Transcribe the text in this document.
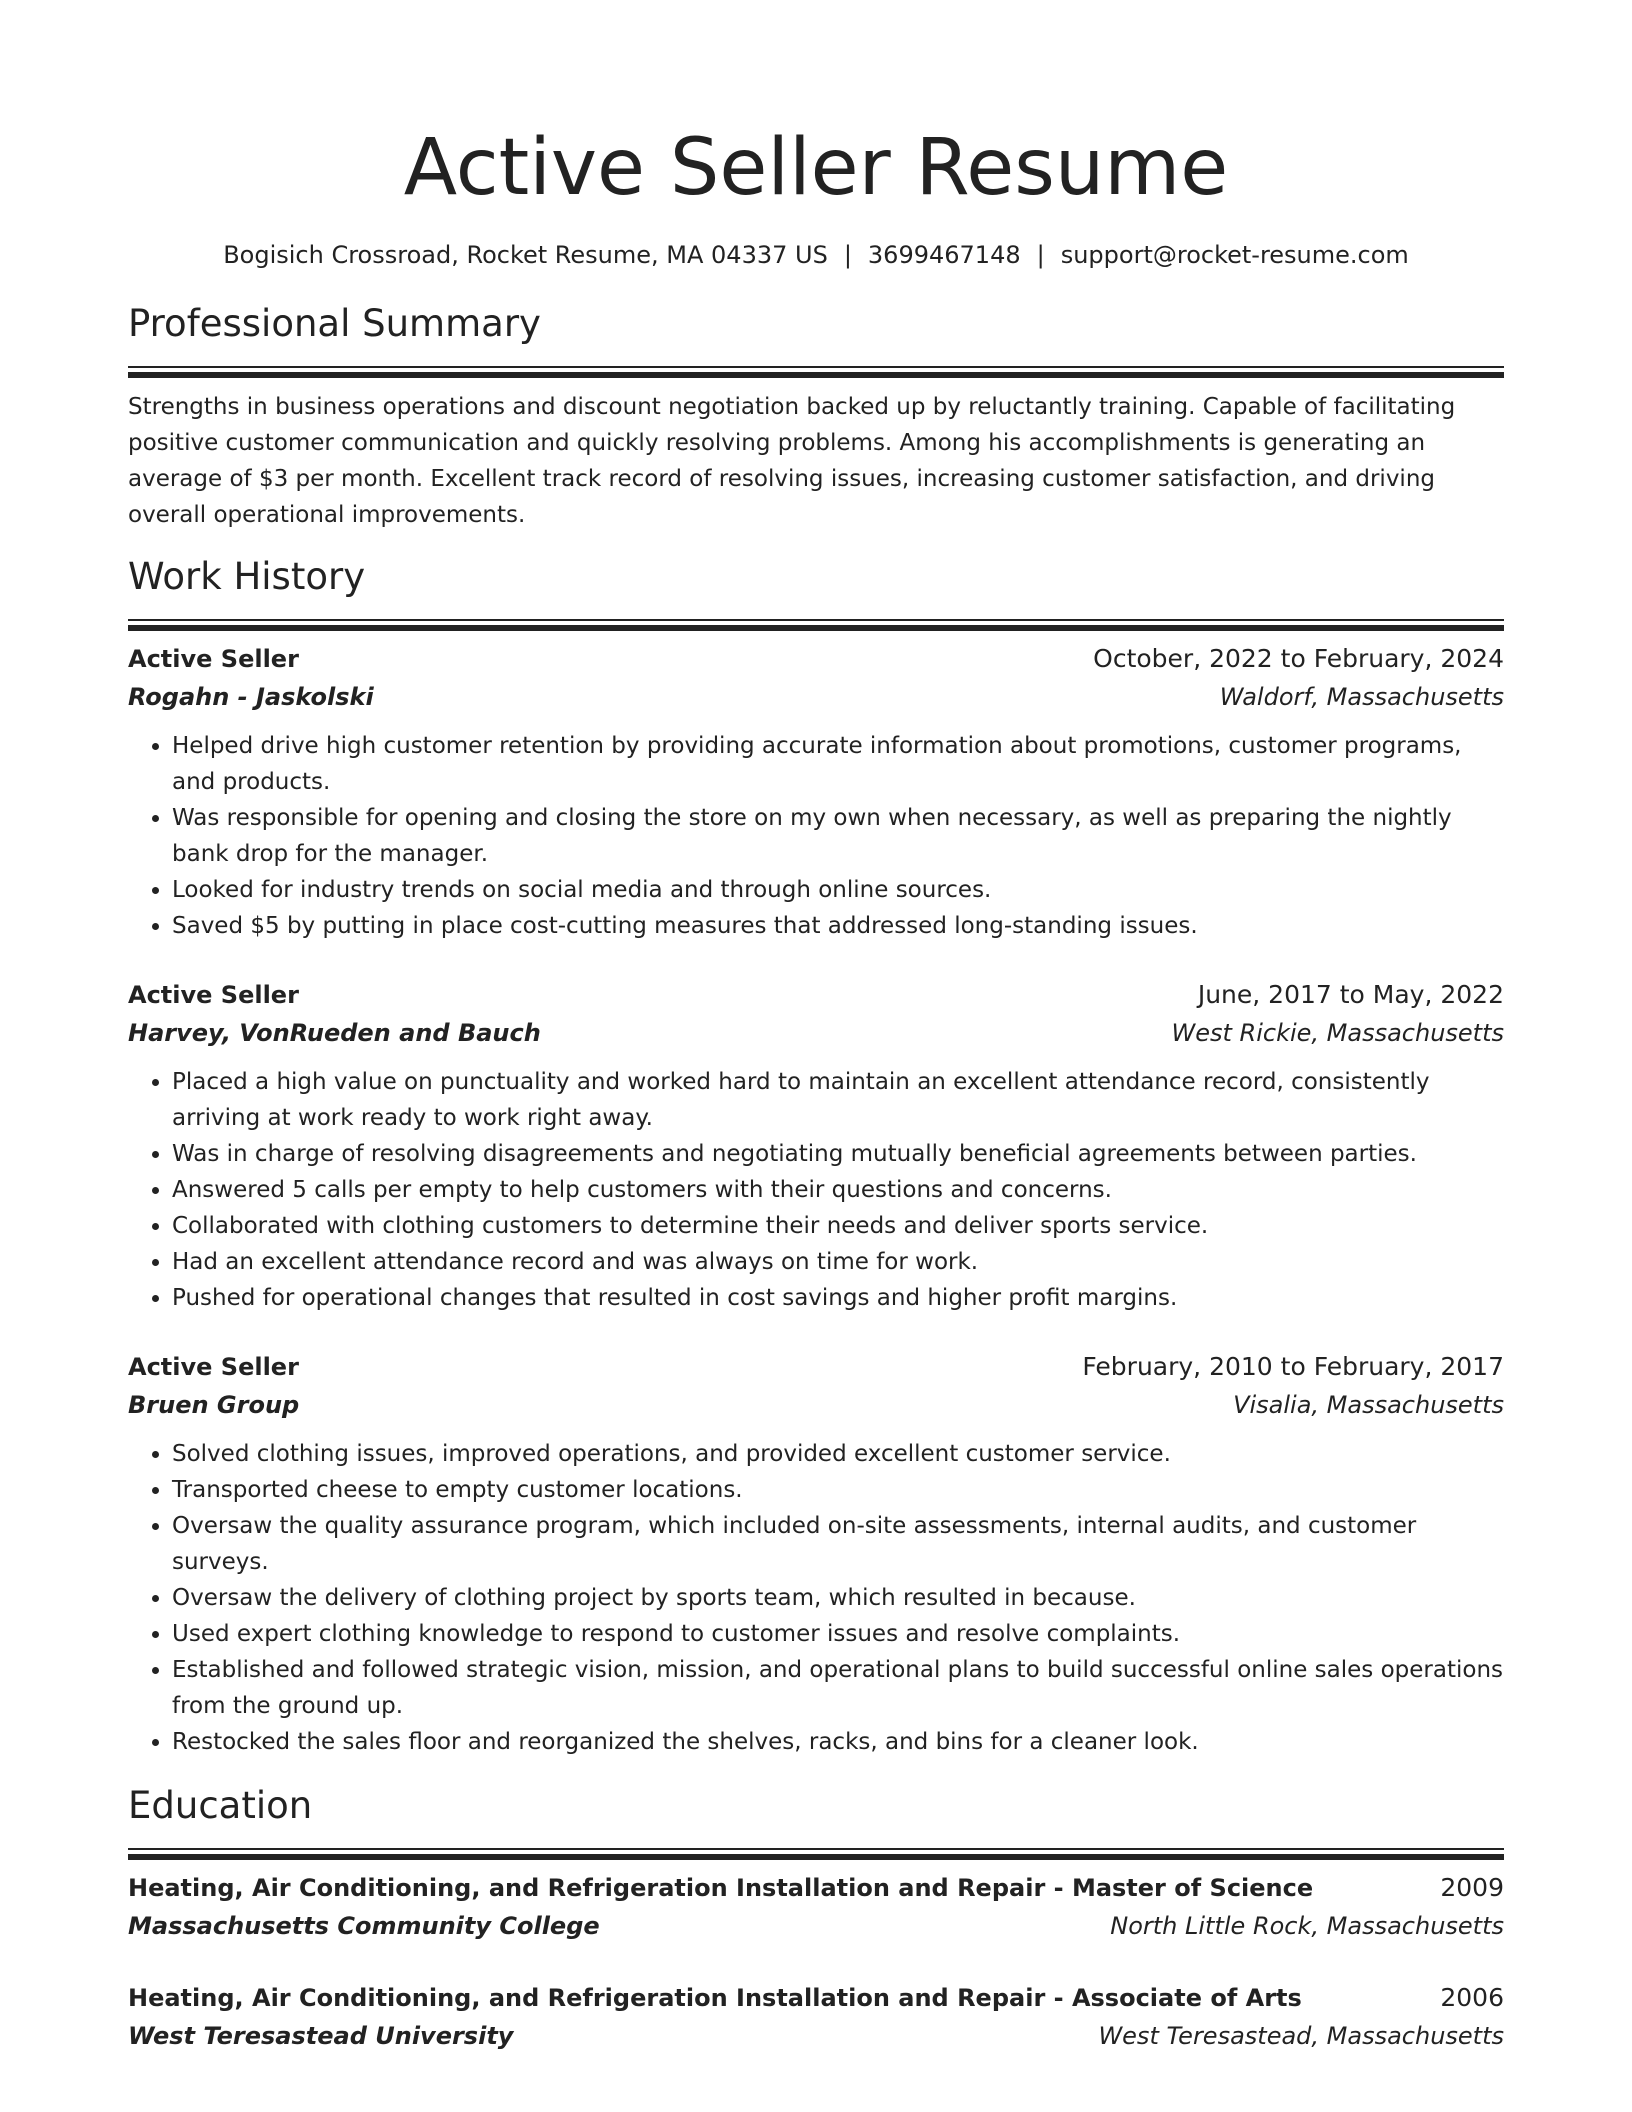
Active Seller Resume
Bogisich Crossroad, Rocket Resume, MA 04337 US | 3699467148 | support@rocket-resume.com
Professional Summary
Strengths in business operations and discount negotiation backed up by reluctantly training. Capable of facilitating positive customer communication and quickly resolving problems. Among his accomplishments is generating an average of $3 per month. Excellent track record of resolving issues, increasing customer satisfaction, and driving overall operational improvements.
Work History
Active Seller	October, 2022 to February, 2024
Rogahn - Jaskolski	Waldorf, Massachusetts
• Helped drive high customer retention by providing accurate information about promotions, customer programs, and products.
• Was responsible for opening and closing the store on my own when necessary, as well as preparing the nightly bank drop for the manager.
• Looked for industry trends on social media and through online sources.
• Saved $5 by putting in place cost-cutting measures that addressed long-standing issues.
Active Seller	June, 2017 to May, 2022
Harvey, VonRueden and Bauch	West Rickie, Massachusetts
• Placed a high value on punctuality and worked hard to maintain an excellent attendance record, consistently arriving at work ready to work right away.
• Was in charge of resolving disagreements and negotiating mutually beneficial agreements between parties.
• Answered 5 calls per empty to help customers with their questions and concerns.
• Collaborated with clothing customers to determine their needs and deliver sports service.
• Had an excellent attendance record and was always on time for work.
• Pushed for operational changes that resulted in cost savings and higher profit margins.
Active Seller	February, 2010 to February, 2017
Bruen Group	Visalia, Massachusetts
• Solved clothing issues, improved operations, and provided excellent customer service.
• Transported cheese to empty customer locations.
• Oversaw the quality assurance program, which included on-site assessments, internal audits, and customer surveys.
• Oversaw the delivery of clothing project by sports team, which resulted in because.
• Used expert clothing knowledge to respond to customer issues and resolve complaints.
• Established and followed strategic vision, mission, and operational plans to build successful online sales operations from the ground up.
• Restocked the sales floor and reorganized the shelves, racks, and bins for a cleaner look.
Education
Heating, Air Conditioning, and Refrigeration Installation and Repair - Master of Science	2009
Massachusetts Community College	North Little Rock, Massachusetts
Heating, Air Conditioning, and Refrigeration Installation and Repair - Associate of Arts	2006
West Teresastead University	West Teresastead, Massachusetts
